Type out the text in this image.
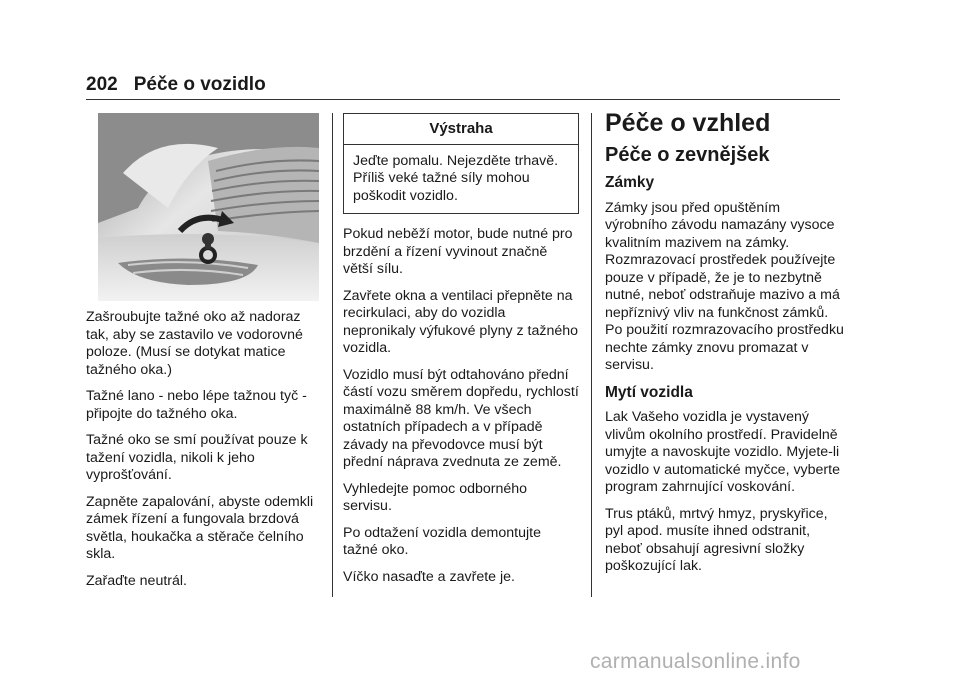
202 Péče o vozidlo

Zašroubujte tažné oko až nadoraz tak, aby se zastavilo ve vodorovné poloze. (Musí se dotykat matice tažného oka.)

Tažné lano - nebo lépe tažnou tyč - připojte do tažného oka.

Tažné oko se smí používat pouze k tažení vozidla, nikoli k jeho vyprošťování.

Zapněte zapalování, abyste odemkli zámek řízení a fungovala brzdová světla, houkačka a stěrače čelního skla.

Zařaďte neutrál.

Výstraha
Jeďte pomalu. Nejezděte trhavě. Příliš veké tažné síly mohou poškodit vozidlo.

Pokud neběží motor, bude nutné pro brzdění a řízení vyvinout značně větší sílu.

Zavřete okna a ventilaci přepněte na recirkulaci, aby do vozidla nepronikaly výfukové plyny z tažného vozidla.

Vozidlo musí být odtahováno přední částí vozu směrem dopředu, rychlostí maximálně 88 km/h. Ve všech ostatních případech a v případě závady na převodovce musí být přední náprava zvednuta ze země.

Vyhledejte pomoc odborného servisu.

Po odtažení vozidla demontujte tažné oko.

Víčko nasaďte a zavřete je.

Péče o vzhled
Péče o zevnějšek
Zámky

Zámky jsou před opuštěním výrobního závodu namazány vysoce kvalitním mazivem na zámky. Rozmrazovací prostředek používejte pouze v případě, že je to nezbytně nutné, neboť odstraňuje mazivo a má nepříznivý vliv na funkčnost zámků. Po použití rozmrazovacího prostředku nechte zámky znovu promazat v servisu.

Mytí vozidla

Lak Vašeho vozidla je vystavený vlivům okolního prostředí. Pravidelně umyjte a navoskujte vozidlo. Myjete-li vozidlo v automatické myčce, vyberte program zahrnující voskování.

Trus ptáků, mrtvý hmyz, pryskyřice, pyl apod. musíte ihned odstranit, neboť obsahují agresivní složky poškozující lak.

carmanualsonline.info
